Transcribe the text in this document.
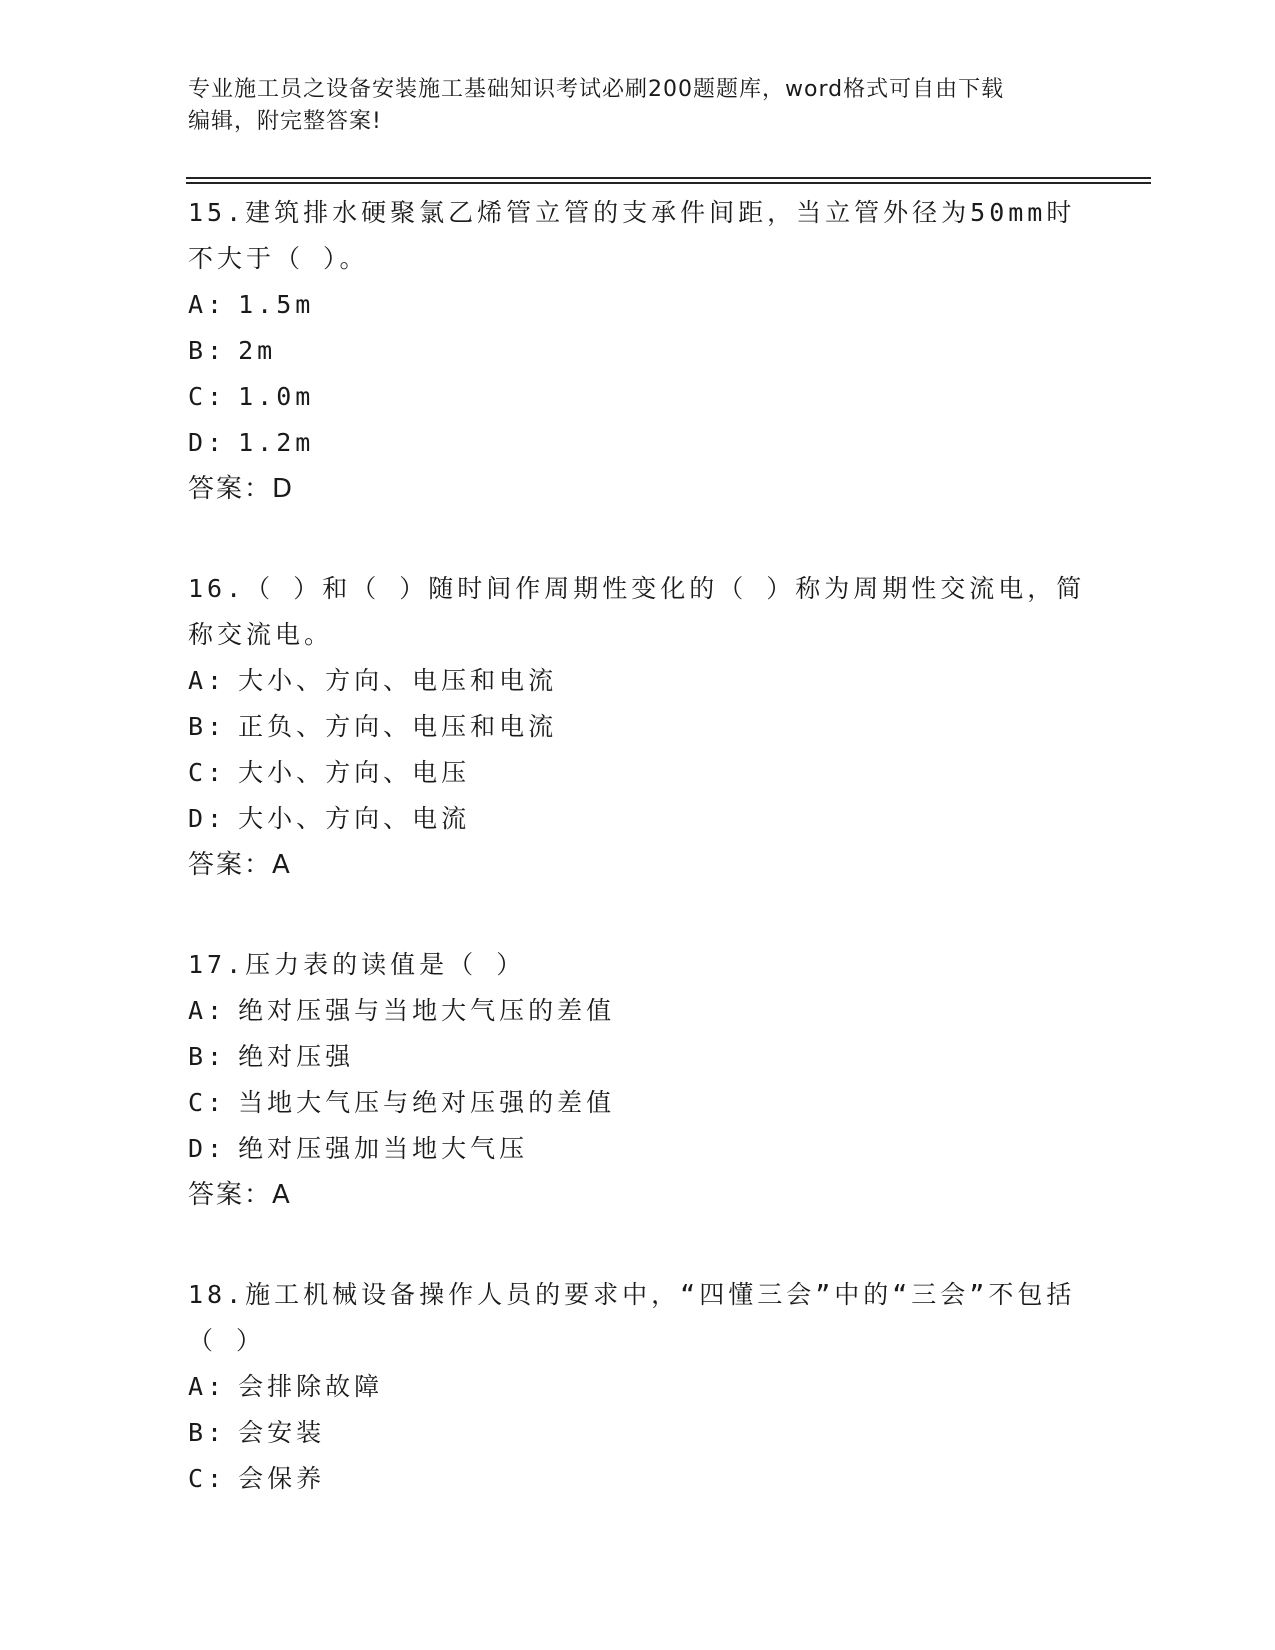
专业施工员之设备安装施工基础知识考试必刷200题题库，word格式可自由下载
编辑，附完整答案!

15.建筑排水硬聚氯乙烯管立管的支承件间距，当立管外径为50mm时不大于（ ）。

A: 1.5m

B: 2m

C: 1.0m

D: 1.2m

答案：D

16.（ ）和（ ）随时间作周期性变化的（ ）称为周期性交流电，简称交流电。

A: 大小、方向、电压和电流

B: 正负、方向、电压和电流

C: 大小、方向、电压

D: 大小、方向、电流

答案：A

17.压力表的读值是（ ）

A: 绝对压强与当地大气压的差值

B: 绝对压强

C: 当地大气压与绝对压强的差值

D: 绝对压强加当地大气压

答案：A

18.施工机械设备操作人员的要求中，“四懂三会”中的“三会”不包括（ ）

A: 会排除故障

B: 会安装

C: 会保养
